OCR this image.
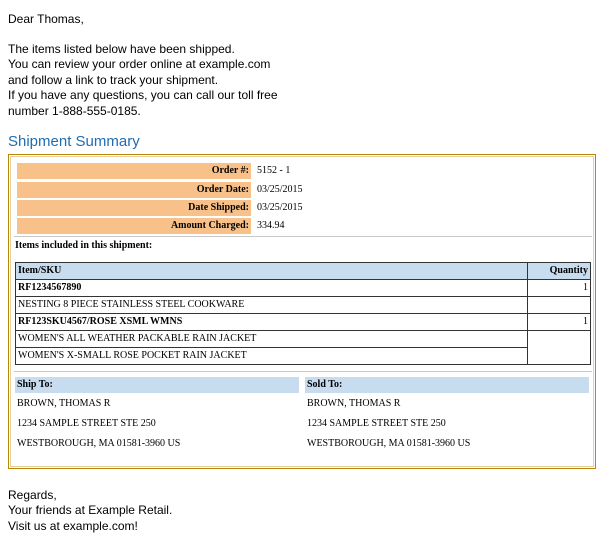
Dear Thomas,
The items listed below have been shipped.
You can review your order online at example.com
and follow a link to track your shipment.
If you have any questions, you can call our toll free
number 1-888-555-0185.
Shipment Summary
Order #: 5152 - 1
Order Date: 03/25/2015
Date Shipped: 03/25/2015
Amount Charged: 334.94
Items included in this shipment:
Item/SKU	Quantity
RF1234567890	1
NESTING 8 PIECE STAINLESS STEEL COOKWARE	
RF123SKU4567/ROSE XSML WMNS	1
WOMEN'S ALL WEATHER PACKABLE RAIN JACKET	
WOMEN'S X-SMALL ROSE POCKET RAIN JACKET
Ship To:
BROWN, THOMAS R
1234 SAMPLE STREET STE 250
WESTBOROUGH, MA 01581-3960 US
Sold To:
BROWN, THOMAS R
1234 SAMPLE STREET STE 250
WESTBOROUGH, MA 01581-3960 US
Regards,
Your friends at Example Retail.
Visit us at example.com!
